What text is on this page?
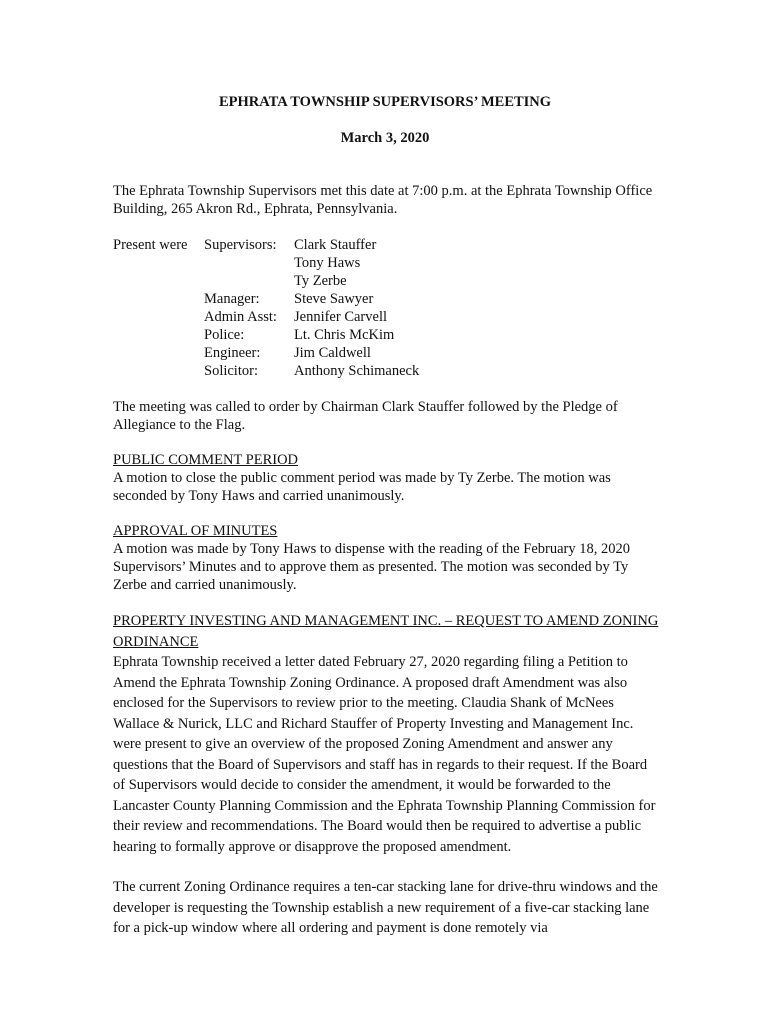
EPHRATA TOWNSHIP SUPERVISORS’ MEETING
March 3, 2020

The Ephrata Township Supervisors met this date at 7:00 p.m. at the Ephrata Township Office Building, 265 Akron Rd., Ephrata, Pennsylvania.

Present were Supervisors:
Manager:
Admin Asst:
Police:
Engineer:
Solicitor:
Clark Stauffer
Tony Haws
Ty Zerbe
Steve Sawyer
Jennifer Carvell
Lt. Chris McKim
Jim Caldwell
Anthony Schimaneck

The meeting was called to order by Chairman Clark Stauffer followed by the Pledge of Allegiance to the Flag.

PUBLIC COMMENT PERIOD
A motion to close the public comment period was made by Ty Zerbe. The motion was seconded by Tony Haws and carried unanimously.
APPROVAL OF MINUTES
A motion was made by Tony Haws to dispense with the reading of the February 18, 2020 Supervisors’ Minutes and to approve them as presented. The motion was seconded by Ty Zerbe and carried unanimously.
PROPERTY INVESTING AND MANAGEMENT INC. – REQUEST TO AMEND ZONING ORDINANCE
Ephrata Township received a letter dated February 27, 2020 regarding filing a Petition to Amend the Ephrata Township Zoning Ordinance. A proposed draft Amendment was also enclosed for the Supervisors to review prior to the meeting. Claudia Shank of McNees Wallace & Nurick, LLC and Richard Stauffer of Property Investing and Management Inc. were present to give an overview of the proposed Zoning Amendment and answer any questions that the Board of Supervisors and staff has in regards to their request. If the Board of Supervisors would decide to consider the amendment, it would be forwarded to the Lancaster County Planning Commission and the Ephrata Township Planning Commission for their review and recommendations. The Board would then be required to advertise a public hearing to formally approve or disapprove the proposed amendment.

The current Zoning Ordinance requires a ten-car stacking lane for drive-thru windows and the developer is requesting the Township establish a new requirement of a five-car stacking lane for a pick-up window where all ordering and payment is done remotely via
